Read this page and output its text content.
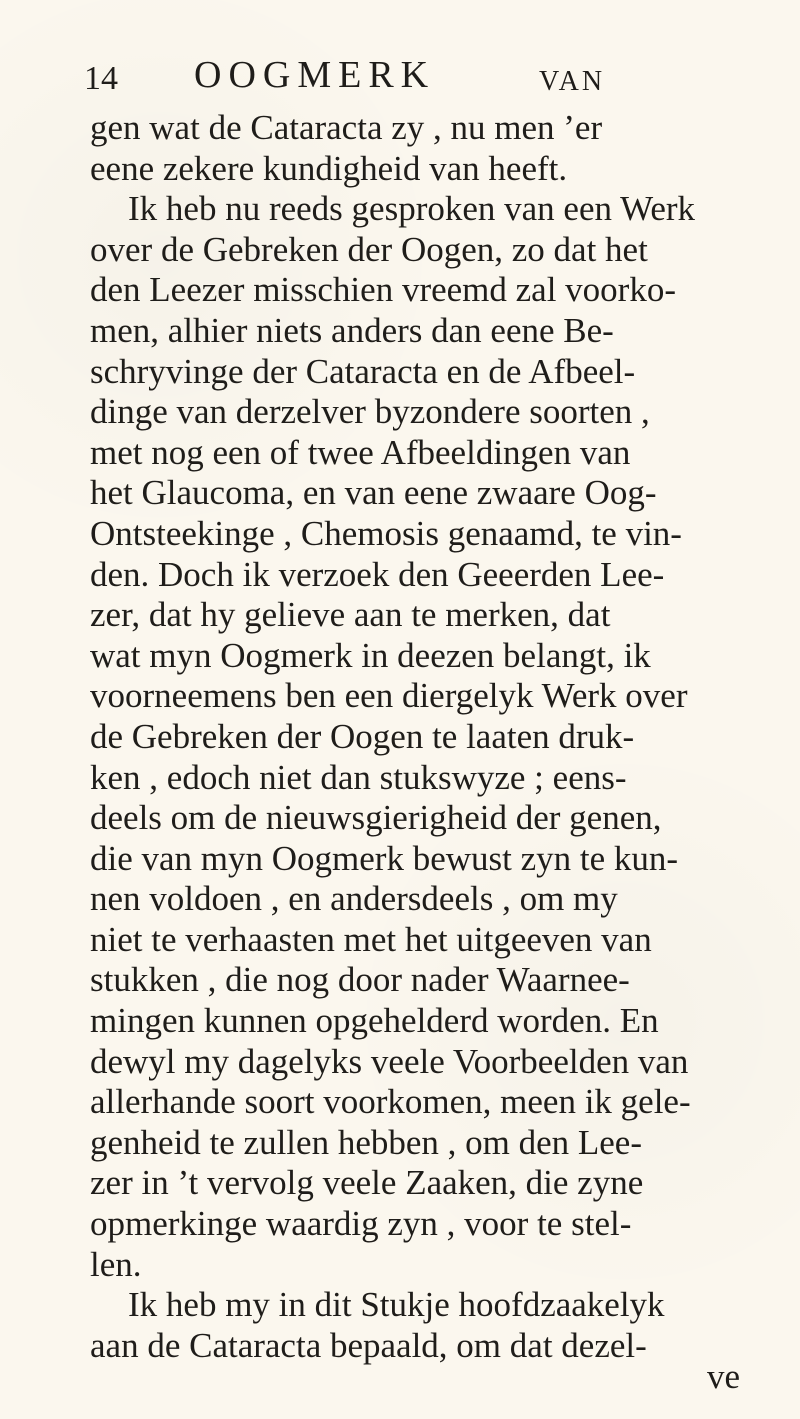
14 OOGMERK	VAN
gen wat de Cataracta zy , nu men ’er
eene zekere kundigheid van heeft.
Ik heb nu reeds gesproken van een Werk
over de Gebreken der Oogen, zo dat het
den Leezer misschien vreemd zal voorko-
men, alhier niets anders dan eene Be-
schryvinge der Cataracta en de Afbeel-
dinge van derzelver byzondere soorten ,
met nog een of twee Afbeeldingen van
het Glaucoma, en van eene zwaare Oog-
Ontsteekinge , Chemosis genaamd, te vin-
den. Doch ik verzoek den Geeerden Lee-
zer, dat hy gelieve aan te merken, dat
wat myn Oogmerk in deezen belangt, ik
voorneemens ben een diergelyk Werk over
de Gebreken der Oogen te laaten druk-
ken , edoch niet dan stukswyze ; eens-
deels om de nieuwsgierigheid der genen,
die van myn Oogmerk bewust zyn te kun-
nen voldoen , en andersdeels , om my
niet te verhaasten met het uitgeeven van
stukken , die nog door nader Waarnee-
mingen kunnen opgehelderd worden. En
dewyl my dagelyks veele Voorbeelden van
allerhande soort voorkomen, meen ik gele-
genheid te zullen hebben , om den Lee-
zer in ’t vervolg veele Zaaken, die zyne
opmerkinge waardig zyn , voor te stel-
len.
Ik heb my in dit Stukje hoofdzaakelyk
aan de Cataracta bepaald, om dat dezel-
ve
